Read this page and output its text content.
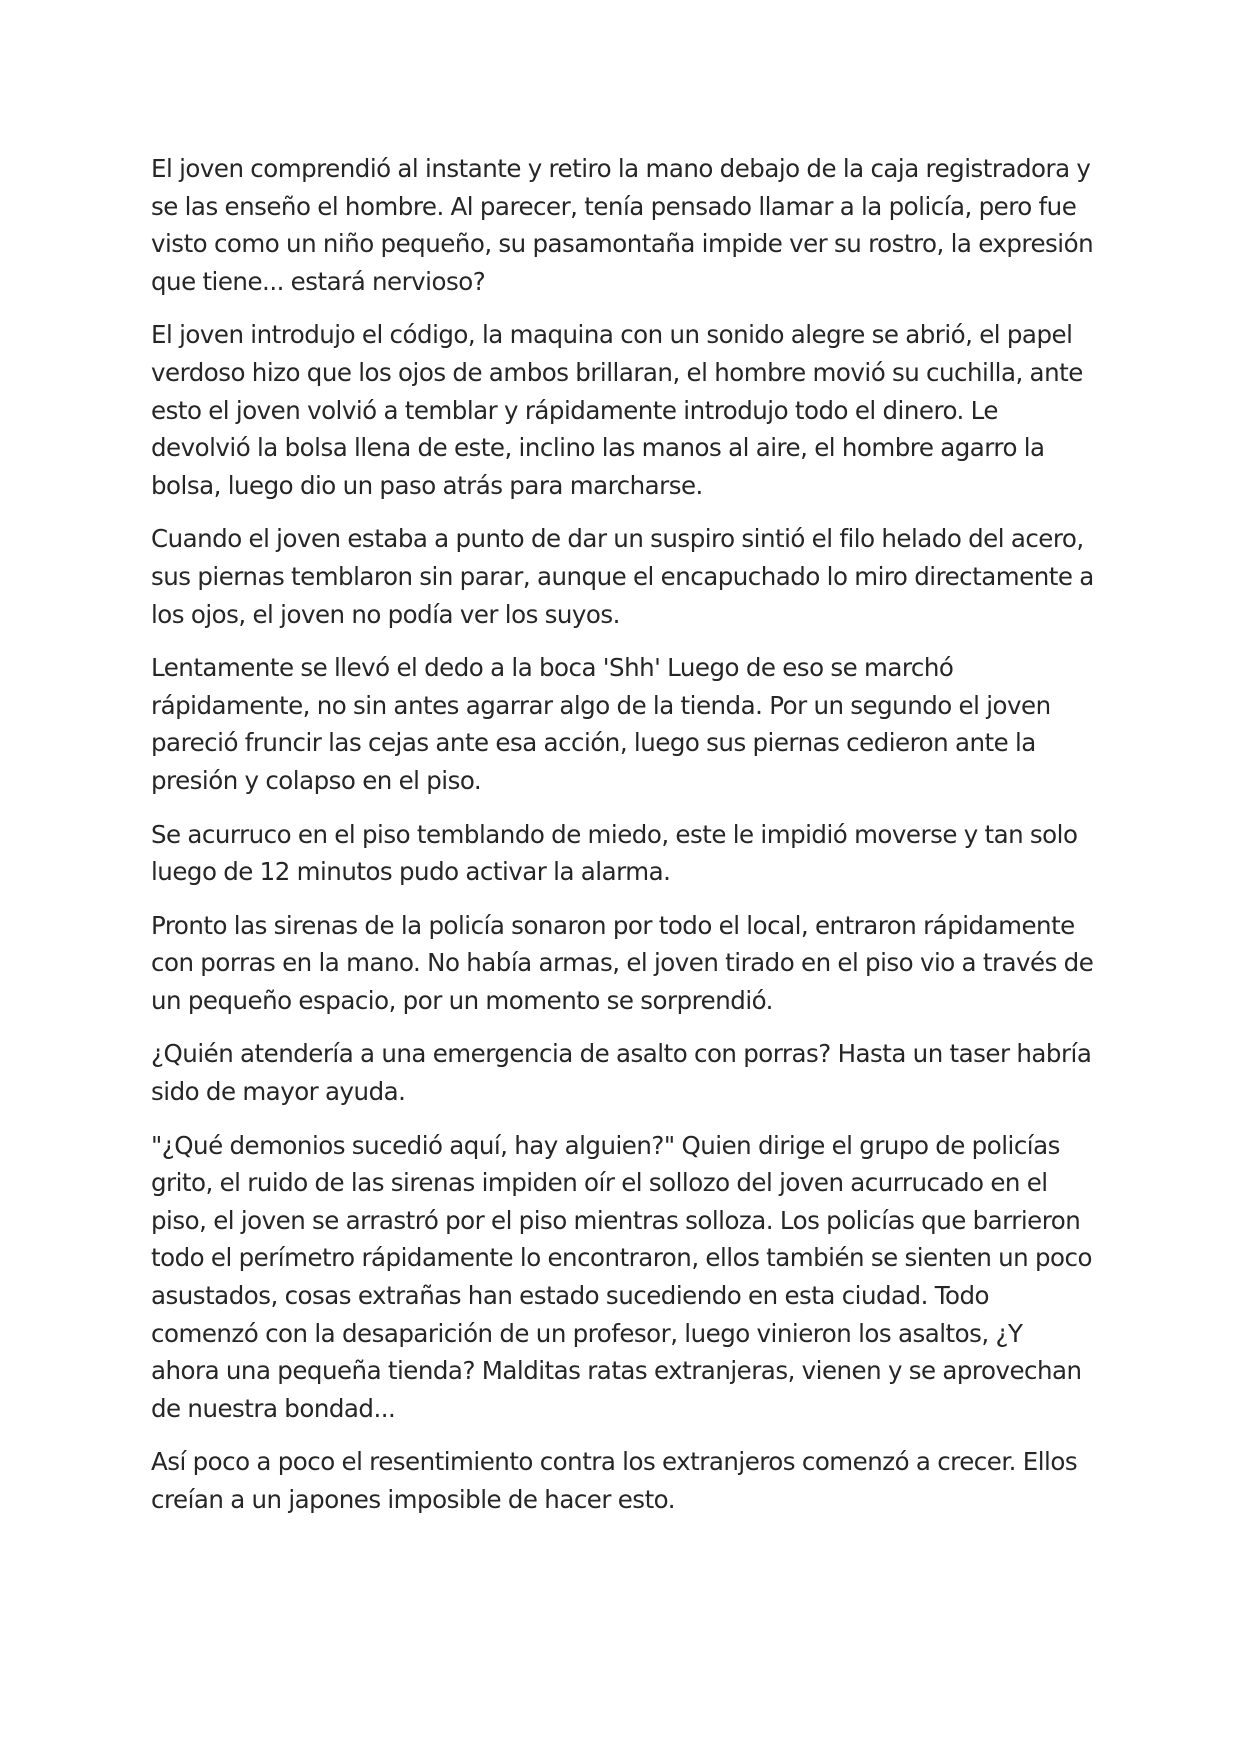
El joven comprendió al instante y retiro la mano debajo de la caja registradora y se las enseño el hombre. Al parecer, tenía pensado llamar a la policía, pero fue visto como un niño pequeño, su pasamontaña impide ver su rostro, la expresión que tiene... estará nervioso?

El joven introdujo el código, la maquina con un sonido alegre se abrió, el papel verdoso hizo que los ojos de ambos brillaran, el hombre movió su cuchilla, ante esto el joven volvió a temblar y rápidamente introdujo todo el dinero. Le devolvió la bolsa llena de este, inclino las manos al aire, el hombre agarro la bolsa, luego dio un paso atrás para marcharse.

Cuando el joven estaba a punto de dar un suspiro sintió el filo helado del acero, sus piernas temblaron sin parar, aunque el encapuchado lo miro directamente a los ojos, el joven no podía ver los suyos.

Lentamente se llevó el dedo a la boca 'Shh' Luego de eso se marchó rápidamente, no sin antes agarrar algo de la tienda. Por un segundo el joven pareció fruncir las cejas ante esa acción, luego sus piernas cedieron ante la presión y colapso en el piso.

Se acurruco en el piso temblando de miedo, este le impidió moverse y tan solo luego de 12 minutos pudo activar la alarma.

Pronto las sirenas de la policía sonaron por todo el local, entraron rápidamente con porras en la mano. No había armas, el joven tirado en el piso vio a través de un pequeño espacio, por un momento se sorprendió.

¿Quién atendería a una emergencia de asalto con porras? Hasta un taser habría sido de mayor ayuda.

"¿Qué demonios sucedió aquí, hay alguien?" Quien dirige el grupo de policías grito, el ruido de las sirenas impiden oír el sollozo del joven acurrucado en el piso, el joven se arrastró por el piso mientras solloza. Los policías que barrieron todo el perímetro rápidamente lo encontraron, ellos también se sienten un poco asustados, cosas extrañas han estado sucediendo en esta ciudad. Todo comenzó con la desaparición de un profesor, luego vinieron los asaltos, ¿Y ahora una pequeña tienda? Malditas ratas extranjeras, vienen y se aprovechan de nuestra bondad...

Así poco a poco el resentimiento contra los extranjeros comenzó a crecer. Ellos creían a un japones imposible de hacer esto.
